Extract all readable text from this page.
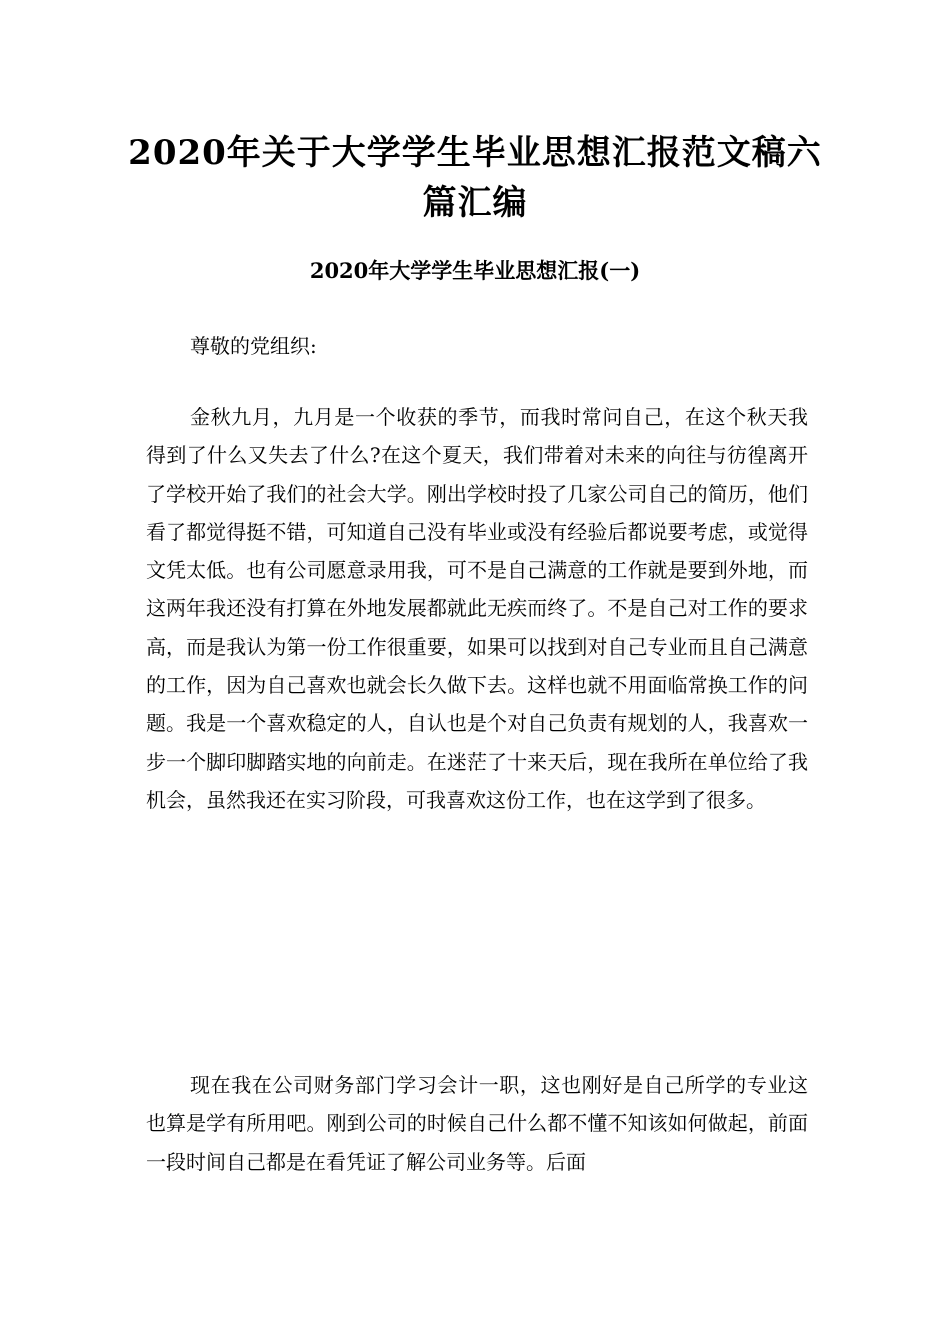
2020年关于大学学生毕业思想汇报范文稿六篇汇编
2020年大学学生毕业思想汇报(一)
尊敬的党组织:

金秋九月，九月是一个收获的季节，而我时常问自己，在这个秋天我得到了什么又失去了什么?在这个夏天，我们带着对未来的向往与彷徨离开了学校开始了我们的社会大学。刚出学校时投了几家公司自己的简历，他们看了都觉得挺不错，可知道自己没有毕业或没有经验后都说要考虑，或觉得文凭太低。也有公司愿意录用我，可不是自己满意的工作就是要到外地，而这两年我还没有打算在外地发展都就此无疾而终了。不是自己对工作的要求高，而是我认为第一份工作很重要，如果可以找到对自己专业而且自己满意的工作，因为自己喜欢也就会长久做下去。这样也就不用面临常换工作的问题。我是一个喜欢稳定的人，自认也是个对自己负责有规划的人，我喜欢一步一个脚印脚踏实地的向前走。在迷茫了十来天后，现在我所在单位给了我机会，虽然我还在实习阶段，可我喜欢这份工作，也在这学到了很多。

现在我在公司财务部门学习会计一职，这也刚好是自己所学的专业这也算是学有所用吧。刚到公司的时候自己什么都不懂不知该如何做起，前面一段时间自己都是在看凭证了解公司业务等。后面
